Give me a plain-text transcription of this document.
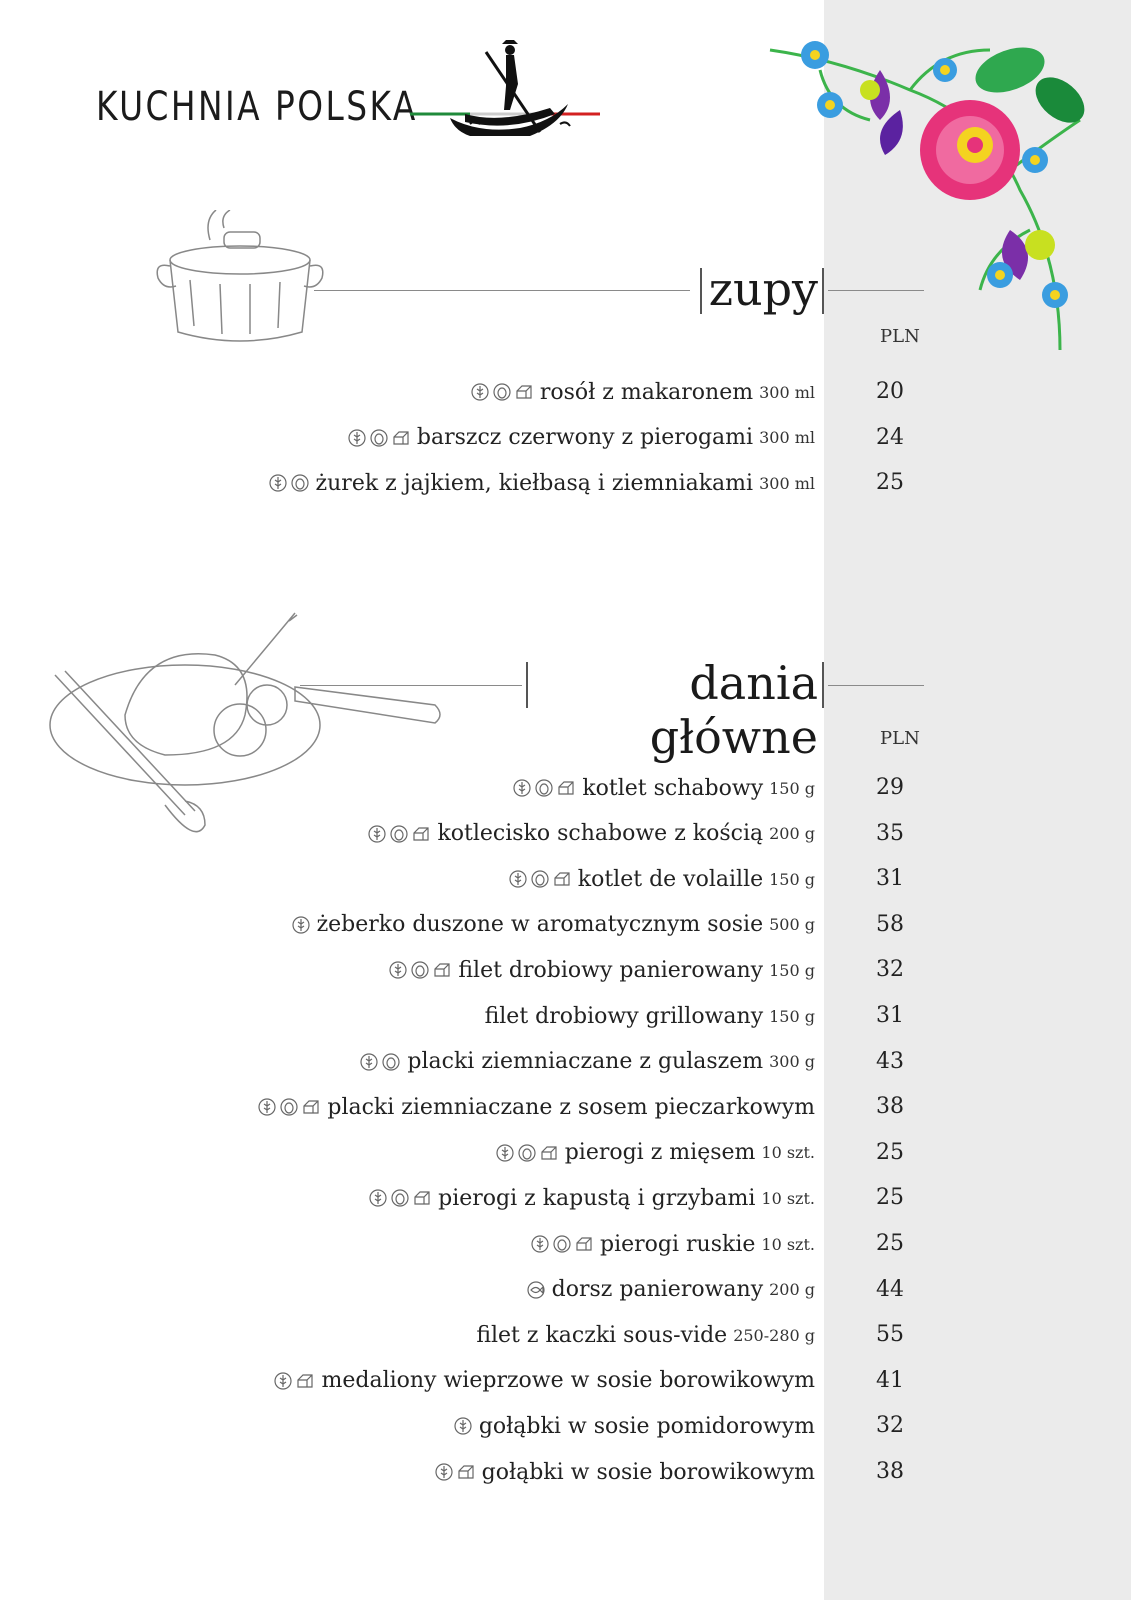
KUCHNIA POLSKA
zupy
PLN
rosół z makaronem 300 ml	20
barszcz czerwony z pierogami 300 ml	24
żurek z jajkiem, kiełbasą i ziemniakami 300 ml	25
dania główne	PLN
kotlet schabowy 150 g	29
kotlecisko schabowe z kością 200 g	35
kotlet de volaille 150 g	31
żeberko duszone w aromatycznym sosie 500 g	58
filet drobiowy panierowany 150 g	32
filet drobiowy grillowany 150 g	31
placki ziemniaczane z gulaszem 300 g	43
placki ziemniaczane z sosem pieczarkowym	38
pierogi z mięsem 10 szt.	25
pierogi z kapustą i grzybami 10 szt.	25
pierogi ruskie 10 szt.	25
dorsz panierowany 200 g	44
filet z kaczki sous-vide 250-280 g	55
medaliony wieprzowe w sosie borowikowym	41
gołąbki w sosie pomidorowym	32
gołąbki w sosie borowikowym	38
